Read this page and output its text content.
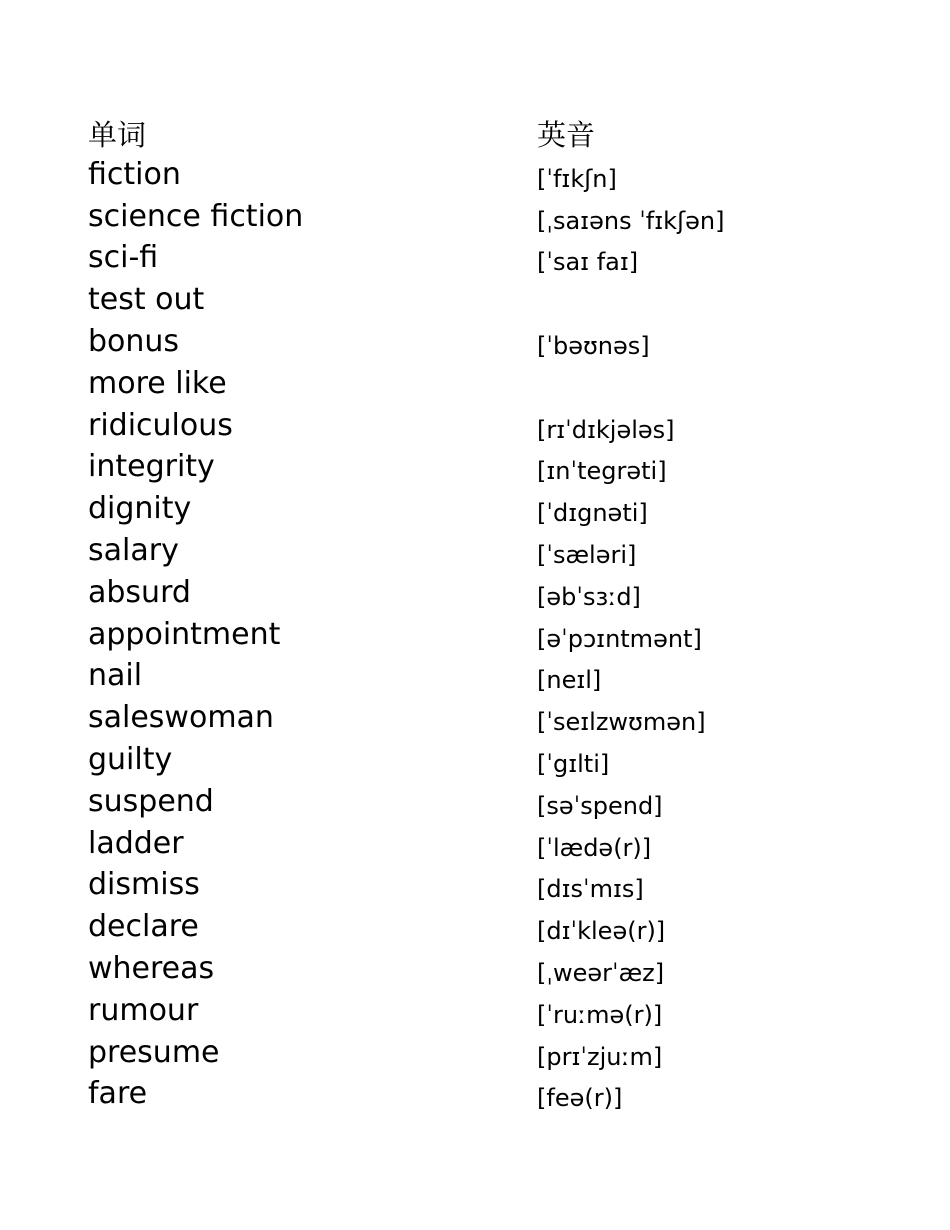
单词	英音
fiction	[ˈfɪkʃn]
science fiction	[ˌsaɪəns ˈfɪkʃən]
sci-fi	[ˈsaɪ faɪ]
test out
bonus	[ˈbəʊnəs]
more like
ridiculous	[rɪˈdɪkjələs]
integrity	[ɪnˈtegrəti]
dignity	[ˈdɪgnəti]
salary	[ˈsæləri]
absurd	[əbˈsɜːd]
appointment	[əˈpɔɪntmənt]
nail	[neɪl]
saleswoman	[ˈseɪlzwʊmən]
guilty	[ˈgɪlti]
suspend	[səˈspend]
ladder	[ˈlædə(r)]
dismiss	[dɪsˈmɪs]
declare	[dɪˈkleə(r)]
whereas	[ˌweərˈæz]
rumour	[ˈruːmə(r)]
presume	[prɪˈzjuːm]
fare	[feə(r)]
